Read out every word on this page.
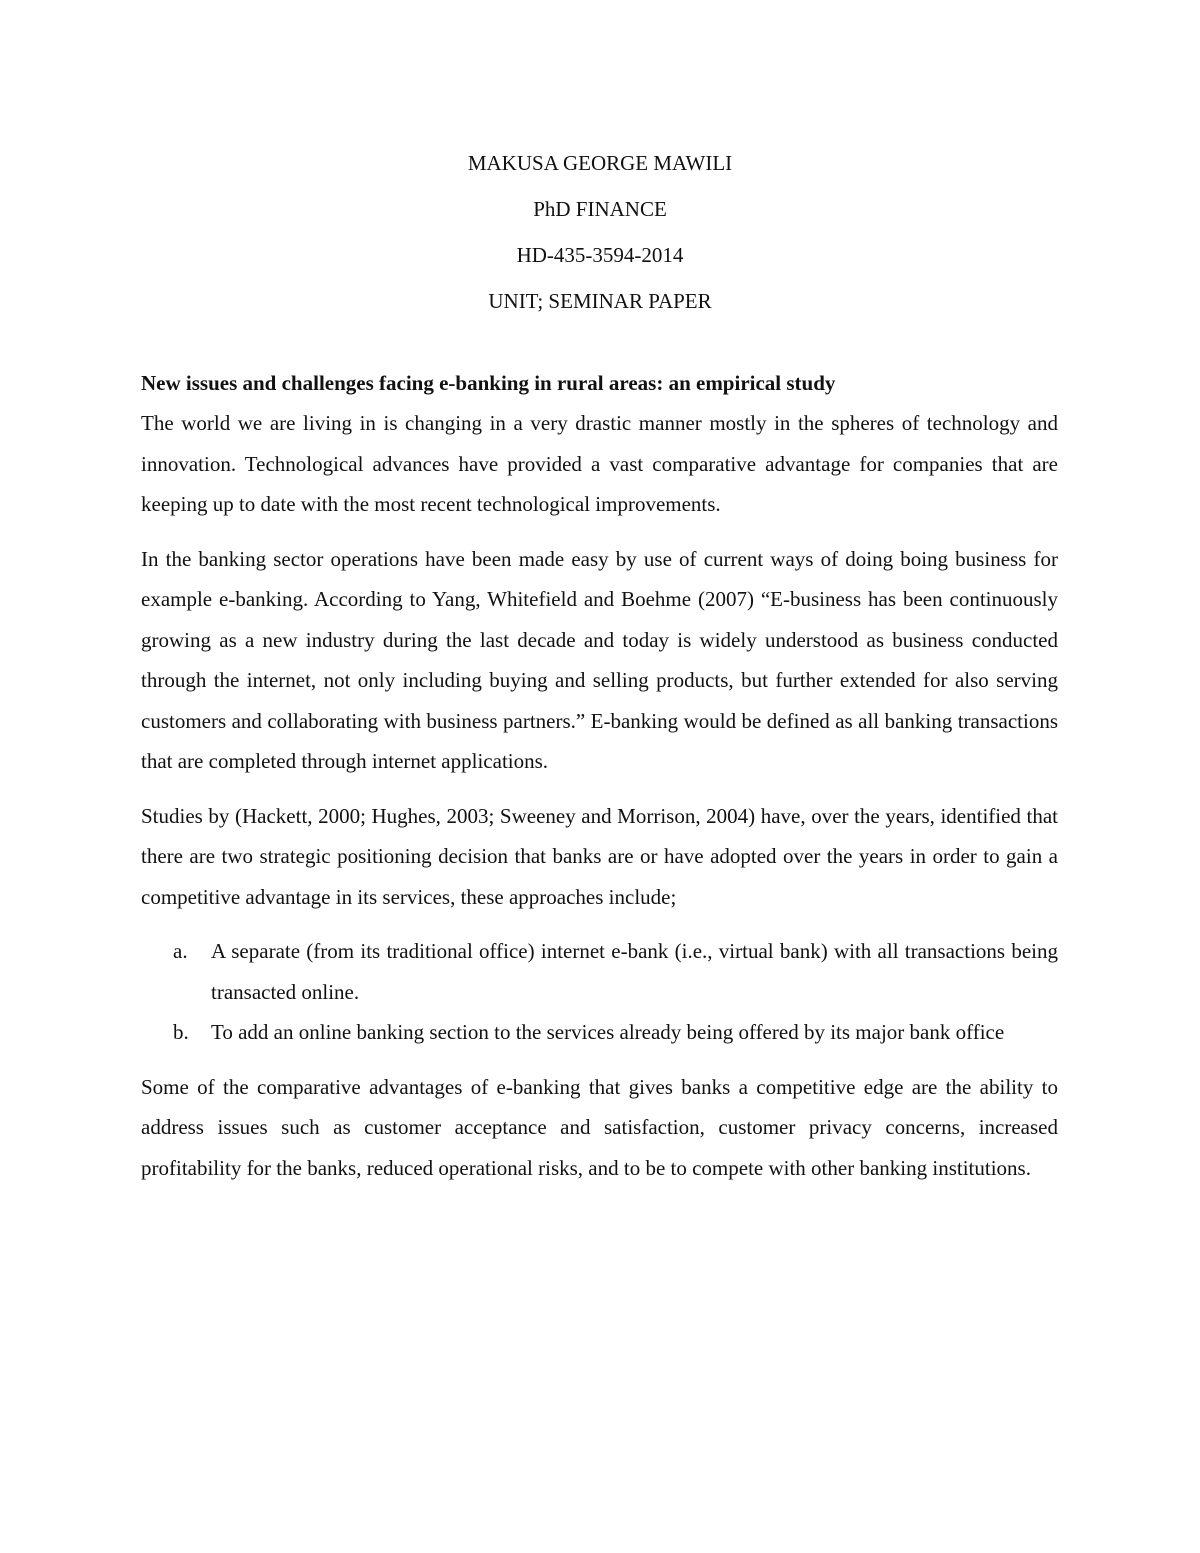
MAKUSA GEORGE MAWILI

PhD FINANCE

HD-435-3594-2014

UNIT; SEMINAR PAPER

New issues and challenges facing e-banking in rural areas: an empirical study

The world we are living in is changing in a very drastic manner mostly in the spheres of technology and innovation. Technological advances have provided a vast comparative advantage for companies that are keeping up to date with the most recent technological improvements.

In the banking sector operations have been made easy by use of current ways of doing boing business for example e-banking. According to Yang, Whitefield and Boehme (2007) “E-business has been continuously growing as a new industry during the last decade and today is widely understood as business conducted through the internet, not only including buying and selling products, but further extended for also serving customers and collaborating with business partners.” E-banking would be defined as all banking transactions that are completed through internet applications.

Studies by (Hackett, 2000; Hughes, 2003; Sweeney and Morrison, 2004) have, over the years, identified that there are two strategic positioning decision that banks are or have adopted over the years in order to gain a competitive advantage in its services, these approaches include;

a. A separate (from its traditional office) internet e-bank (i.e., virtual bank) with all transactions being transacted online.
b. To add an online banking section to the services already being offered by its major bank office

Some of the comparative advantages of e-banking that gives banks a competitive edge are the ability to address issues such as customer acceptance and satisfaction, customer privacy concerns, increased profitability for the banks, reduced operational risks, and to be to compete with other banking institutions.
